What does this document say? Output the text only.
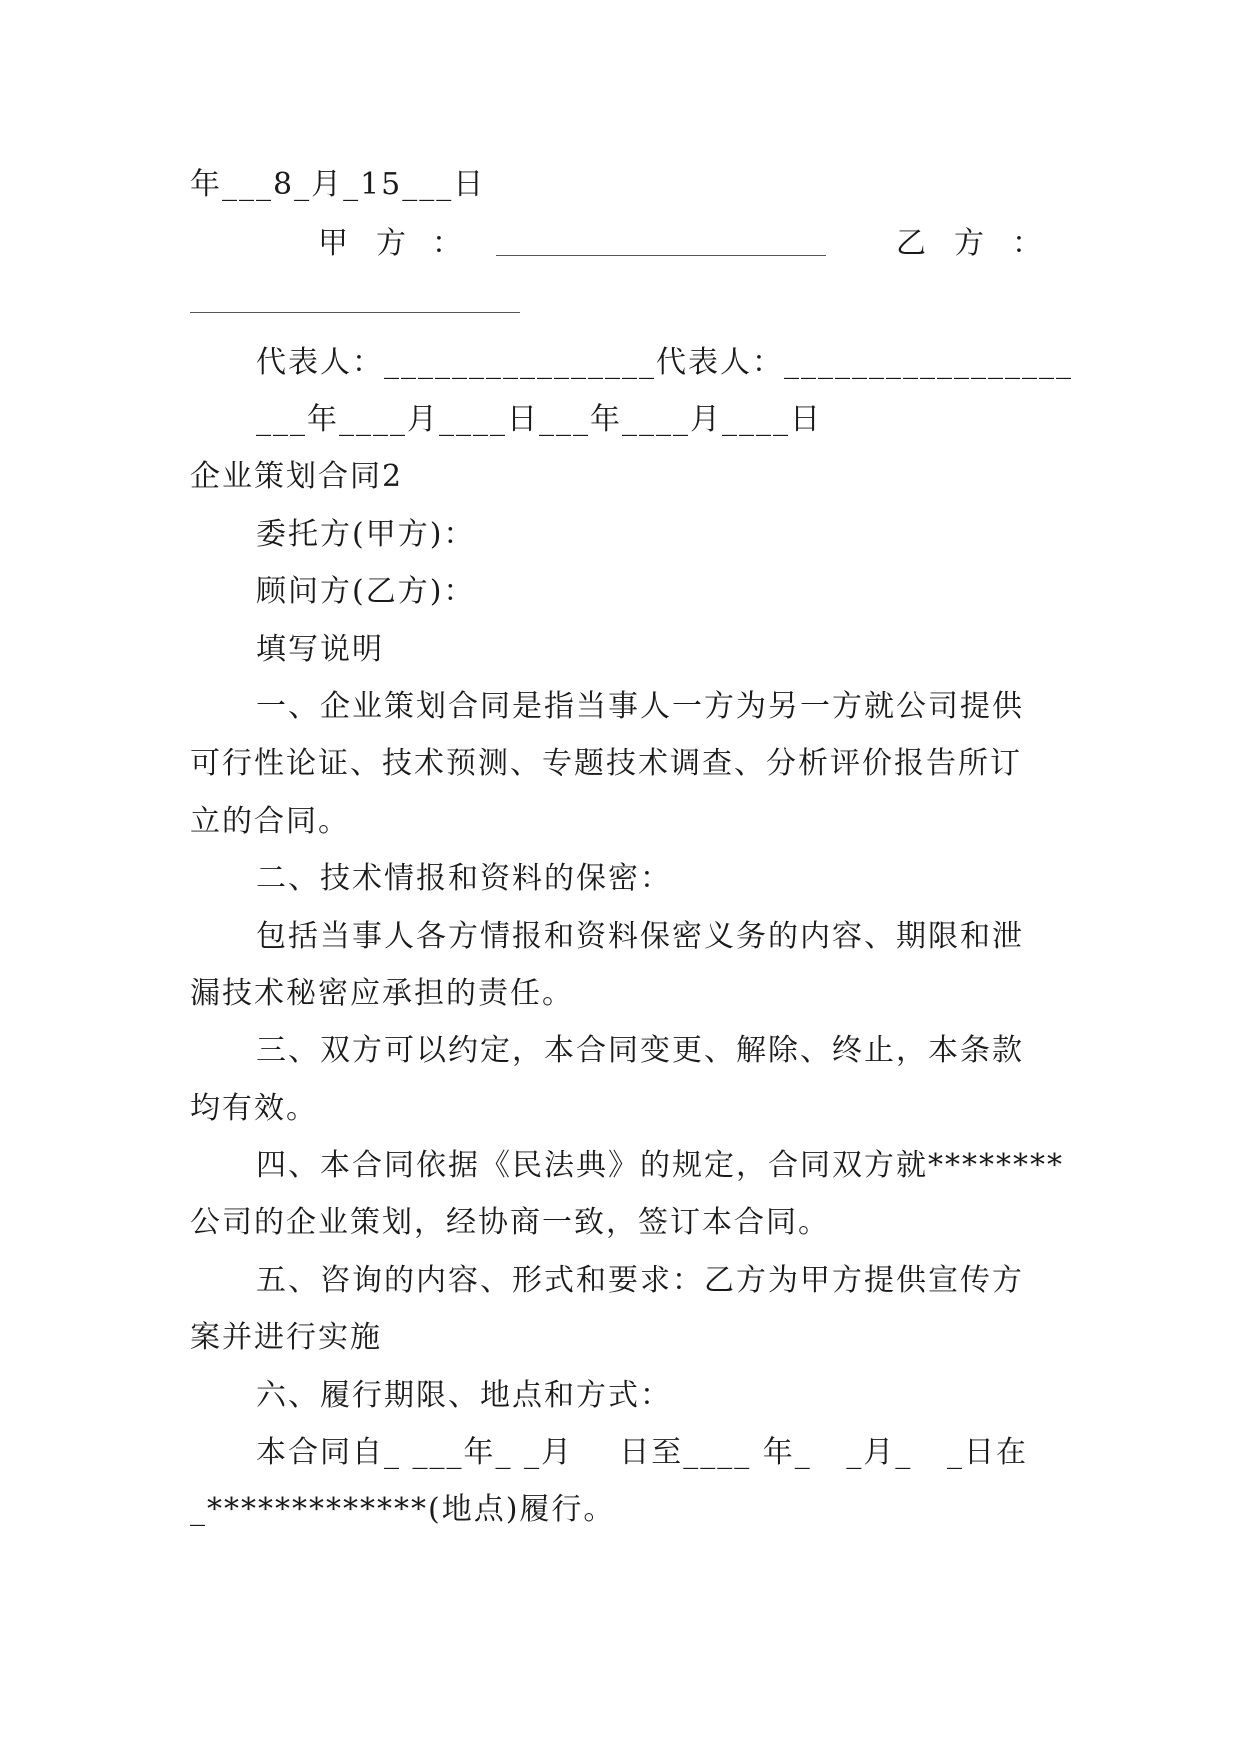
年___8_月_15___日
甲 方 ：	乙 方 ：
代表人：________________代表人：_________________
___年____月____日___年____月____日
企业策划合同2
委托方(甲方)：
顾问方(乙方)：
填写说明
一、企业策划合同是指当事人一方为另一方就公司提供
可行性论证、技术预测、专题技术调查、分析评价报告所订
立的合同。
二、技术情报和资料的保密：
包括当事人各方情报和资料保密义务的内容、期限和泄
漏技术秘密应承担的责任。
三、双方可以约定，本合同变更、解除、终止，本条款
均有效。
四、本合同依据《民法典》的规定，合同双方就********
公司的企业策划，经协商一致，签订本合同。
五、咨询的内容、形式和要求：乙方为甲方提供宣传方
案并进行实施
六、履行期限、地点和方式：
本合同自_ ___年_ _月    日至____ 年_   _月_   _日在
_*************(地点)履行。
